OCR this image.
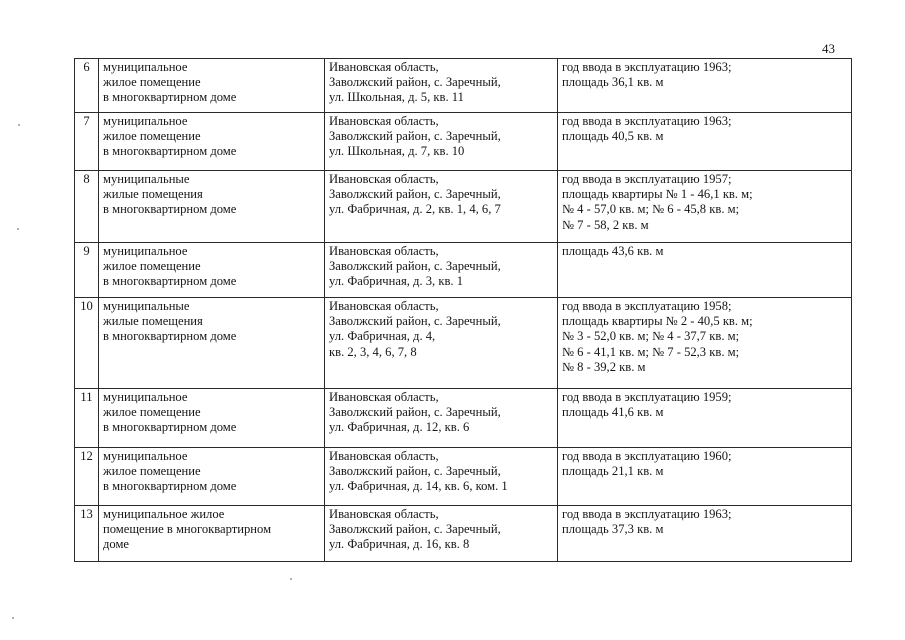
43
6	муниципальное
жилое помещение
в многоквартирном доме	Ивановская область,
Заволжский район, с. Заречный,
ул. Школьная, д. 5, кв. 11	год ввода в эксплуатацию 1963;
площадь 36,1 кв. м

7	муниципальное
жилое помещение
в многоквартирном доме	Ивановская область,
Заволжский район, с. Заречный,
ул. Школьная, д. 7, кв. 10	год ввода в эксплуатацию 1963;
площадь 40,5 кв. м

8	муниципальные
жилые помещения
в многоквартирном доме	Ивановская область,
Заволжский район, с. Заречный,
ул. Фабричная, д. 2, кв. 1, 4, 6, 7	год ввода в эксплуатацию 1957;
площадь квартиры № 1 - 46,1 кв. м;
№ 4 - 57,0 кв. м; № 6 - 45,8 кв. м;
№ 7 - 58, 2 кв. м

9	муниципальное
жилое помещение
в многоквартирном доме	Ивановская область,
Заволжский район, с. Заречный,
ул. Фабричная, д. 3, кв. 1	площадь 43,6 кв. м

10	муниципальные
жилые помещения
в многоквартирном доме	Ивановская область,
Заволжский район, с. Заречный,
ул. Фабричная, д. 4,
кв. 2, 3, 4, 6, 7, 8	год ввода в эксплуатацию 1958;
площадь квартиры № 2 - 40,5 кв. м;
№ 3 - 52,0 кв. м; № 4 - 37,7 кв. м;
№ 6 - 41,1 кв. м; № 7 - 52,3 кв. м;
№ 8 - 39,2 кв. м

11	муниципальное
жилое помещение
в многоквартирном доме	Ивановская область,
Заволжский район, с. Заречный,
ул. Фабричная, д. 12, кв. 6	год ввода в эксплуатацию 1959;
площадь 41,6 кв. м

12	муниципальное
жилое помещение
в многоквартирном доме	Ивановская область,
Заволжский район, с. Заречный,
ул. Фабричная, д. 14, кв. 6, ком. 1	год ввода в эксплуатацию 1960;
площадь 21,1 кв. м

13	муниципальное жилое
помещение в многоквартирном
доме	Ивановская область,
Заволжский район, с. Заречный,
ул. Фабричная, д. 16, кв. 8	год ввода в эксплуатацию 1963;
площадь 37,3 кв. м
